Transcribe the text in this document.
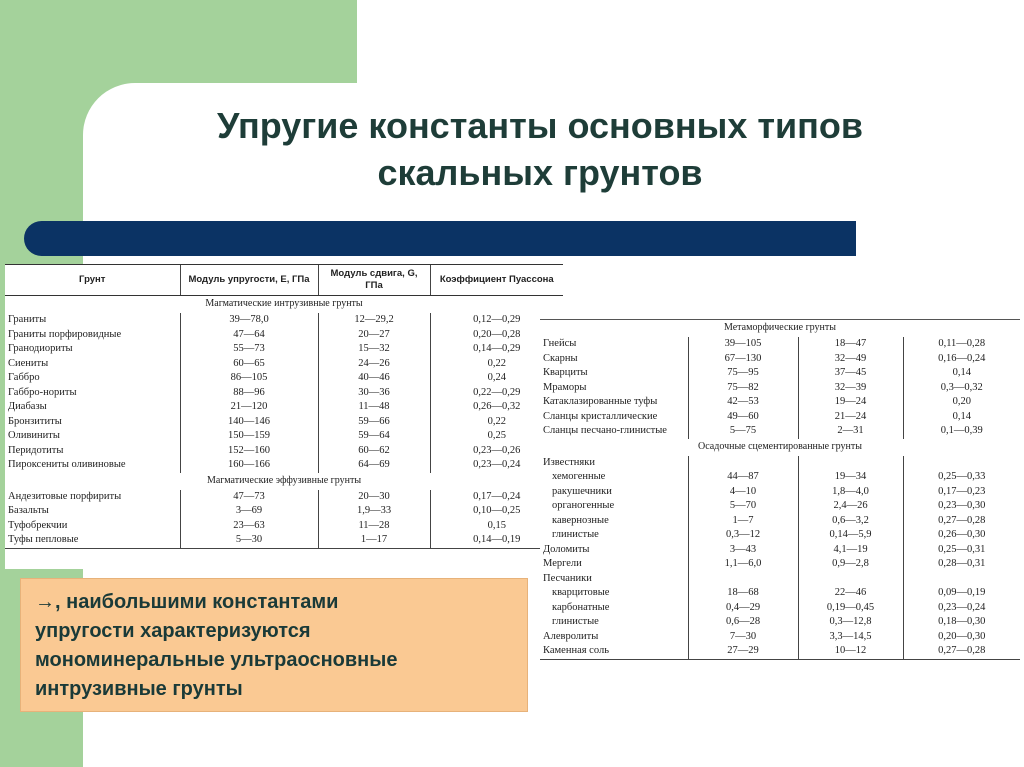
Упругие константы основных типов
скальных грунтов
Грунт	Модуль упругости, Е, ГПа	Модуль сдвига, G, ГПа	Коэффициент Пуассона
Магматические интрузивные грунты			
Граниты	39—78,0	12—29,2	0,12—0,29
Граниты порфировидные	47—64	20—27	0,20—0,28
Гранодиориты	55—73	15—32	0,14—0,29
Сиениты	60—65	24—26	0,22
Габбро	86—105	40—46	0,24
Габбро-нориты	88—96	30—36	0,22—0,29
Диабазы	21—120	11—48	0,26—0,32
Бронзититы	140—146	59—66	0,22
Оливиниты	150—159	59—64	0,25
Перидотиты	152—160	60—62	0,23—0,26
Пироксениты оливиновые	160—166	64—69	0,23—0,24
Магматические эффузивные грунты			
Андезитовые порфириты	47—73	20—30	0,17—0,24
Базальты	3—69	1,9—33	0,10—0,25
Туфобрекчии	23—63	11—28	0,15
Туфы пепловые	5—30	1—17	0,14—0,19
Метаморфические грунты			
Гнейсы	39—105	18—47	0,11—0,28
Скарны	67—130	32—49	0,16—0,24
Кварциты	75—95	37—45	0,14
Мраморы	75—82	32—39	0,3—0,32
Катаклазированные туфы	42—53	19—24	0,20
Сланцы кристаллические	49—60	21—24	0,14
Сланцы песчано-глинистые	5—75	2—31	0,1—0,39
Осадочные сцементированные грунты			
Известняки			
хемогенные	44—87	19—34	0,25—0,33
ракушечники	4—10	1,8—4,0	0,17—0,23
органогенные	5—70	2,4—26	0,23—0,30
кавернозные	1—7	0,6—3,2	0,27—0,28
глинистые	0,3—12	0,14—5,9	0,26—0,30
Доломиты	3—43	4,1—19	0,25—0,31
Мергели	1,1—6,0	0,9—2,8	0,28—0,31
Песчаники			
кварцитовые	18—68	22—46	0,09—0,19
карбонатные	0,4—29	0,19—0,45	0,23—0,24
глинистые	0,6—28	0,3—12,8	0,18—0,30
Алевролиты	7—30	3,3—14,5	0,20—0,30
Каменная соль	27—29	10—12	0,27—0,28
→, наибольшими константами
упругости характеризуются
мономинеральные ультраосновные
интрузивные грунты
